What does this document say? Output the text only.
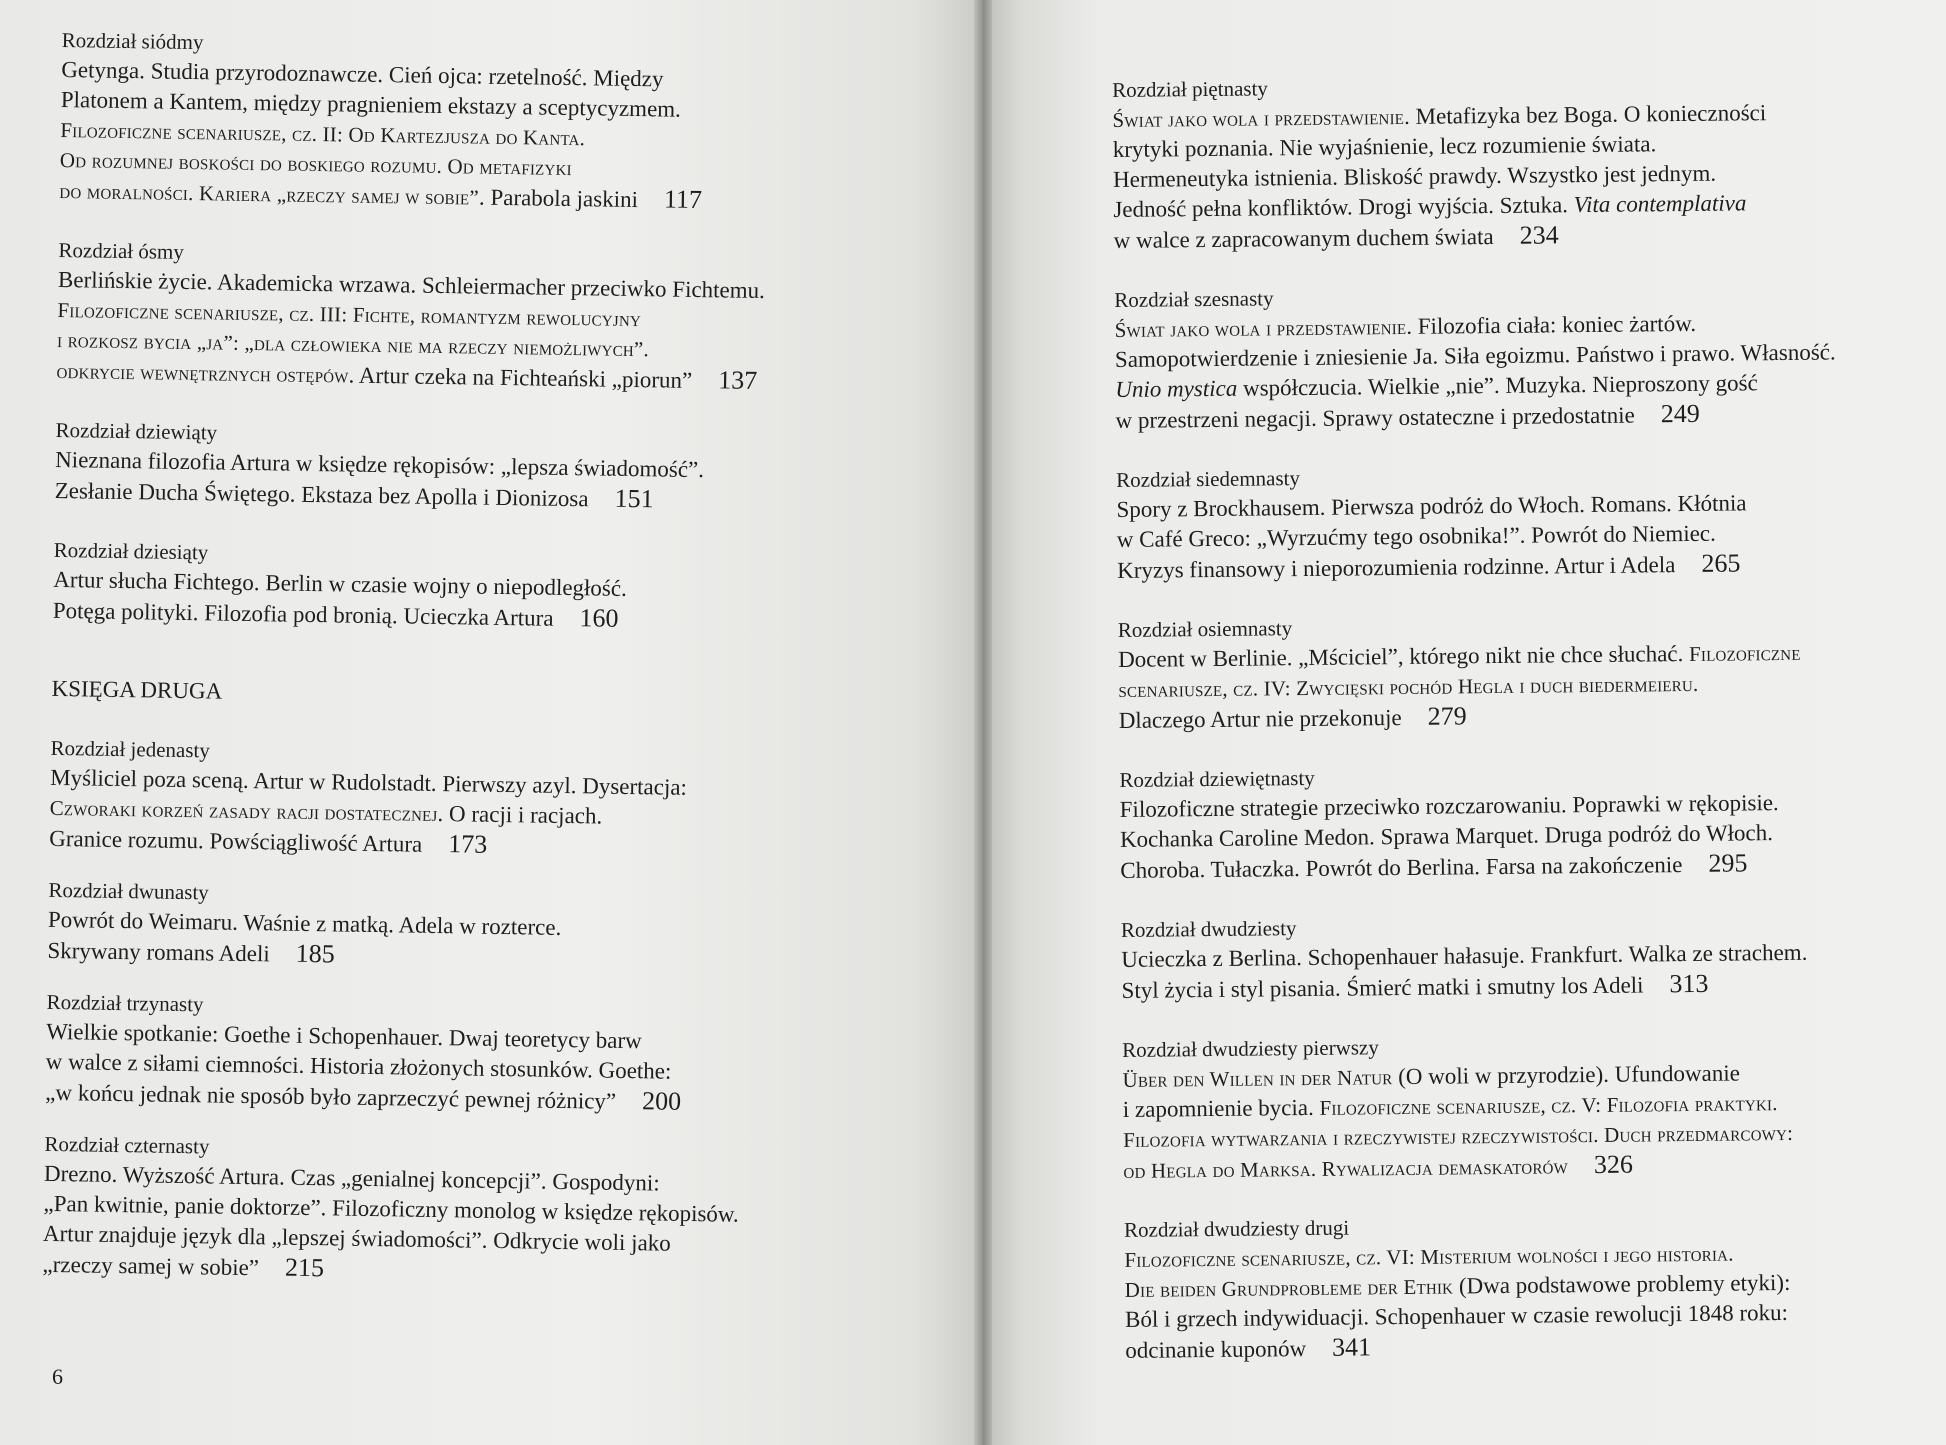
Rozdział siódmy
Getynga. Studia przyrodoznawcze. Cień ojca: rzetelność. Między
Platonem a Kantem, między pragnieniem ekstazy a sceptycyzmem.
Filozoficzne scenariusze, cz. II: Od Kartezjusza do Kanta.
Od rozumnej boskości do boskiego rozumu. Od metafizyki
do moralności. Kariera „rzeczy samej w sobie”. Parabola jaskini 117
Rozdział ósmy
Berlińskie życie. Akademicka wrzawa. Schleiermacher przeciwko Fichtemu.
Filozoficzne scenariusze, cz. III: Fichte, romantyzm rewolucyjny
i rozkosz bycia „ja”: „dla człowieka nie ma rzeczy niemożliwych”.
odkrycie wewnętrznych ostępów. Artur czeka na Fichteański „piorun” 137
Rozdział dziewiąty
Nieznana filozofia Artura w księdze rękopisów: „lepsza świadomość”.
Zesłanie Ducha Świętego. Ekstaza bez Apolla i Dionizosa 151
Rozdział dziesiąty
Artur słucha Fichtego. Berlin w czasie wojny o niepodległość.
Potęga polityki. Filozofia pod bronią. Ucieczka Artura 160
KSIĘGA DRUGA
Rozdział jedenasty
Myśliciel poza sceną. Artur w Rudolstadt. Pierwszy azyl. Dysertacja:
Czworaki korzeń zasady racji dostatecznej. O racji i racjach.
Granice rozumu. Powściągliwość Artura 173
Rozdział dwunasty
Powrót do Weimaru. Waśnie z matką. Adela w rozterce.
Skrywany romans Adeli 185
Rozdział trzynasty
Wielkie spotkanie: Goethe i Schopenhauer. Dwaj teoretycy barw
w walce z siłami ciemności. Historia złożonych stosunków. Goethe:
„w końcu jednak nie sposób było zaprzeczyć pewnej różnicy” 200
Rozdział czternasty
Drezno. Wyższość Artura. Czas „genialnej koncepcji”. Gospodyni:
„Pan kwitnie, panie doktorze”. Filozoficzny monolog w księdze rękopisów.
Artur znajduje język dla „lepszej świadomości”. Odkrycie woli jako
„rzeczy samej w sobie” 215
6
Rozdział piętnasty
Świat jako wola i przedstawienie. Metafizyka bez Boga. O konieczności
krytyki poznania. Nie wyjaśnienie, lecz rozumienie świata.
Hermeneutyka istnienia. Bliskość prawdy. Wszystko jest jednym.
Jedność pełna konfliktów. Drogi wyjścia. Sztuka. Vita contemplativa
w walce z zapracowanym duchem świata 234
Rozdział szesnasty
Świat jako wola i przedstawienie. Filozofia ciała: koniec żartów.
Samopotwierdzenie i zniesienie Ja. Siła egoizmu. Państwo i prawo. Własność.
Unio mystica współczucia. Wielkie „nie”. Muzyka. Nieproszony gość
w przestrzeni negacji. Sprawy ostateczne i przedostatnie 249
Rozdział siedemnasty
Spory z Brockhausem. Pierwsza podróż do Włoch. Romans. Kłótnia
w Café Greco: „Wyrzućmy tego osobnika!”. Powrót do Niemiec.
Kryzys finansowy i nieporozumienia rodzinne. Artur i Adela 265
Rozdział osiemnasty
Docent w Berlinie. „Mściciel”, którego nikt nie chce słuchać. Filozoficzne
scenariusze, cz. IV: Zwycięski pochód Hegla i duch biedermeieru.
Dlaczego Artur nie przekonuje 279
Rozdział dziewiętnasty
Filozoficzne strategie przeciwko rozczarowaniu. Poprawki w rękopisie.
Kochanka Caroline Medon. Sprawa Marquet. Druga podróż do Włoch.
Choroba. Tułaczka. Powrót do Berlina. Farsa na zakończenie 295
Rozdział dwudziesty
Ucieczka z Berlina. Schopenhauer hałasuje. Frankfurt. Walka ze strachem.
Styl życia i styl pisania. Śmierć matki i smutny los Adeli 313
Rozdział dwudziesty pierwszy
Über den Willen in der Natur (O woli w przyrodzie). Ufundowanie
i zapomnienie bycia. Filozoficzne scenariusze, cz. V: Filozofia praktyki.
Filozofia wytwarzania i rzeczywistej rzeczywistości. Duch przedmarcowy:
od Hegla do Marksa. Rywalizacja demaskatorów 326
Rozdział dwudziesty drugi
Filozoficzne scenariusze, cz. VI: Misterium wolności i jego historia.
Die beiden Grundprobleme der Ethik (Dwa podstawowe problemy etyki):
Ból i grzech indywiduacji. Schopenhauer w czasie rewolucji 1848 roku:
odcinanie kuponów 341
